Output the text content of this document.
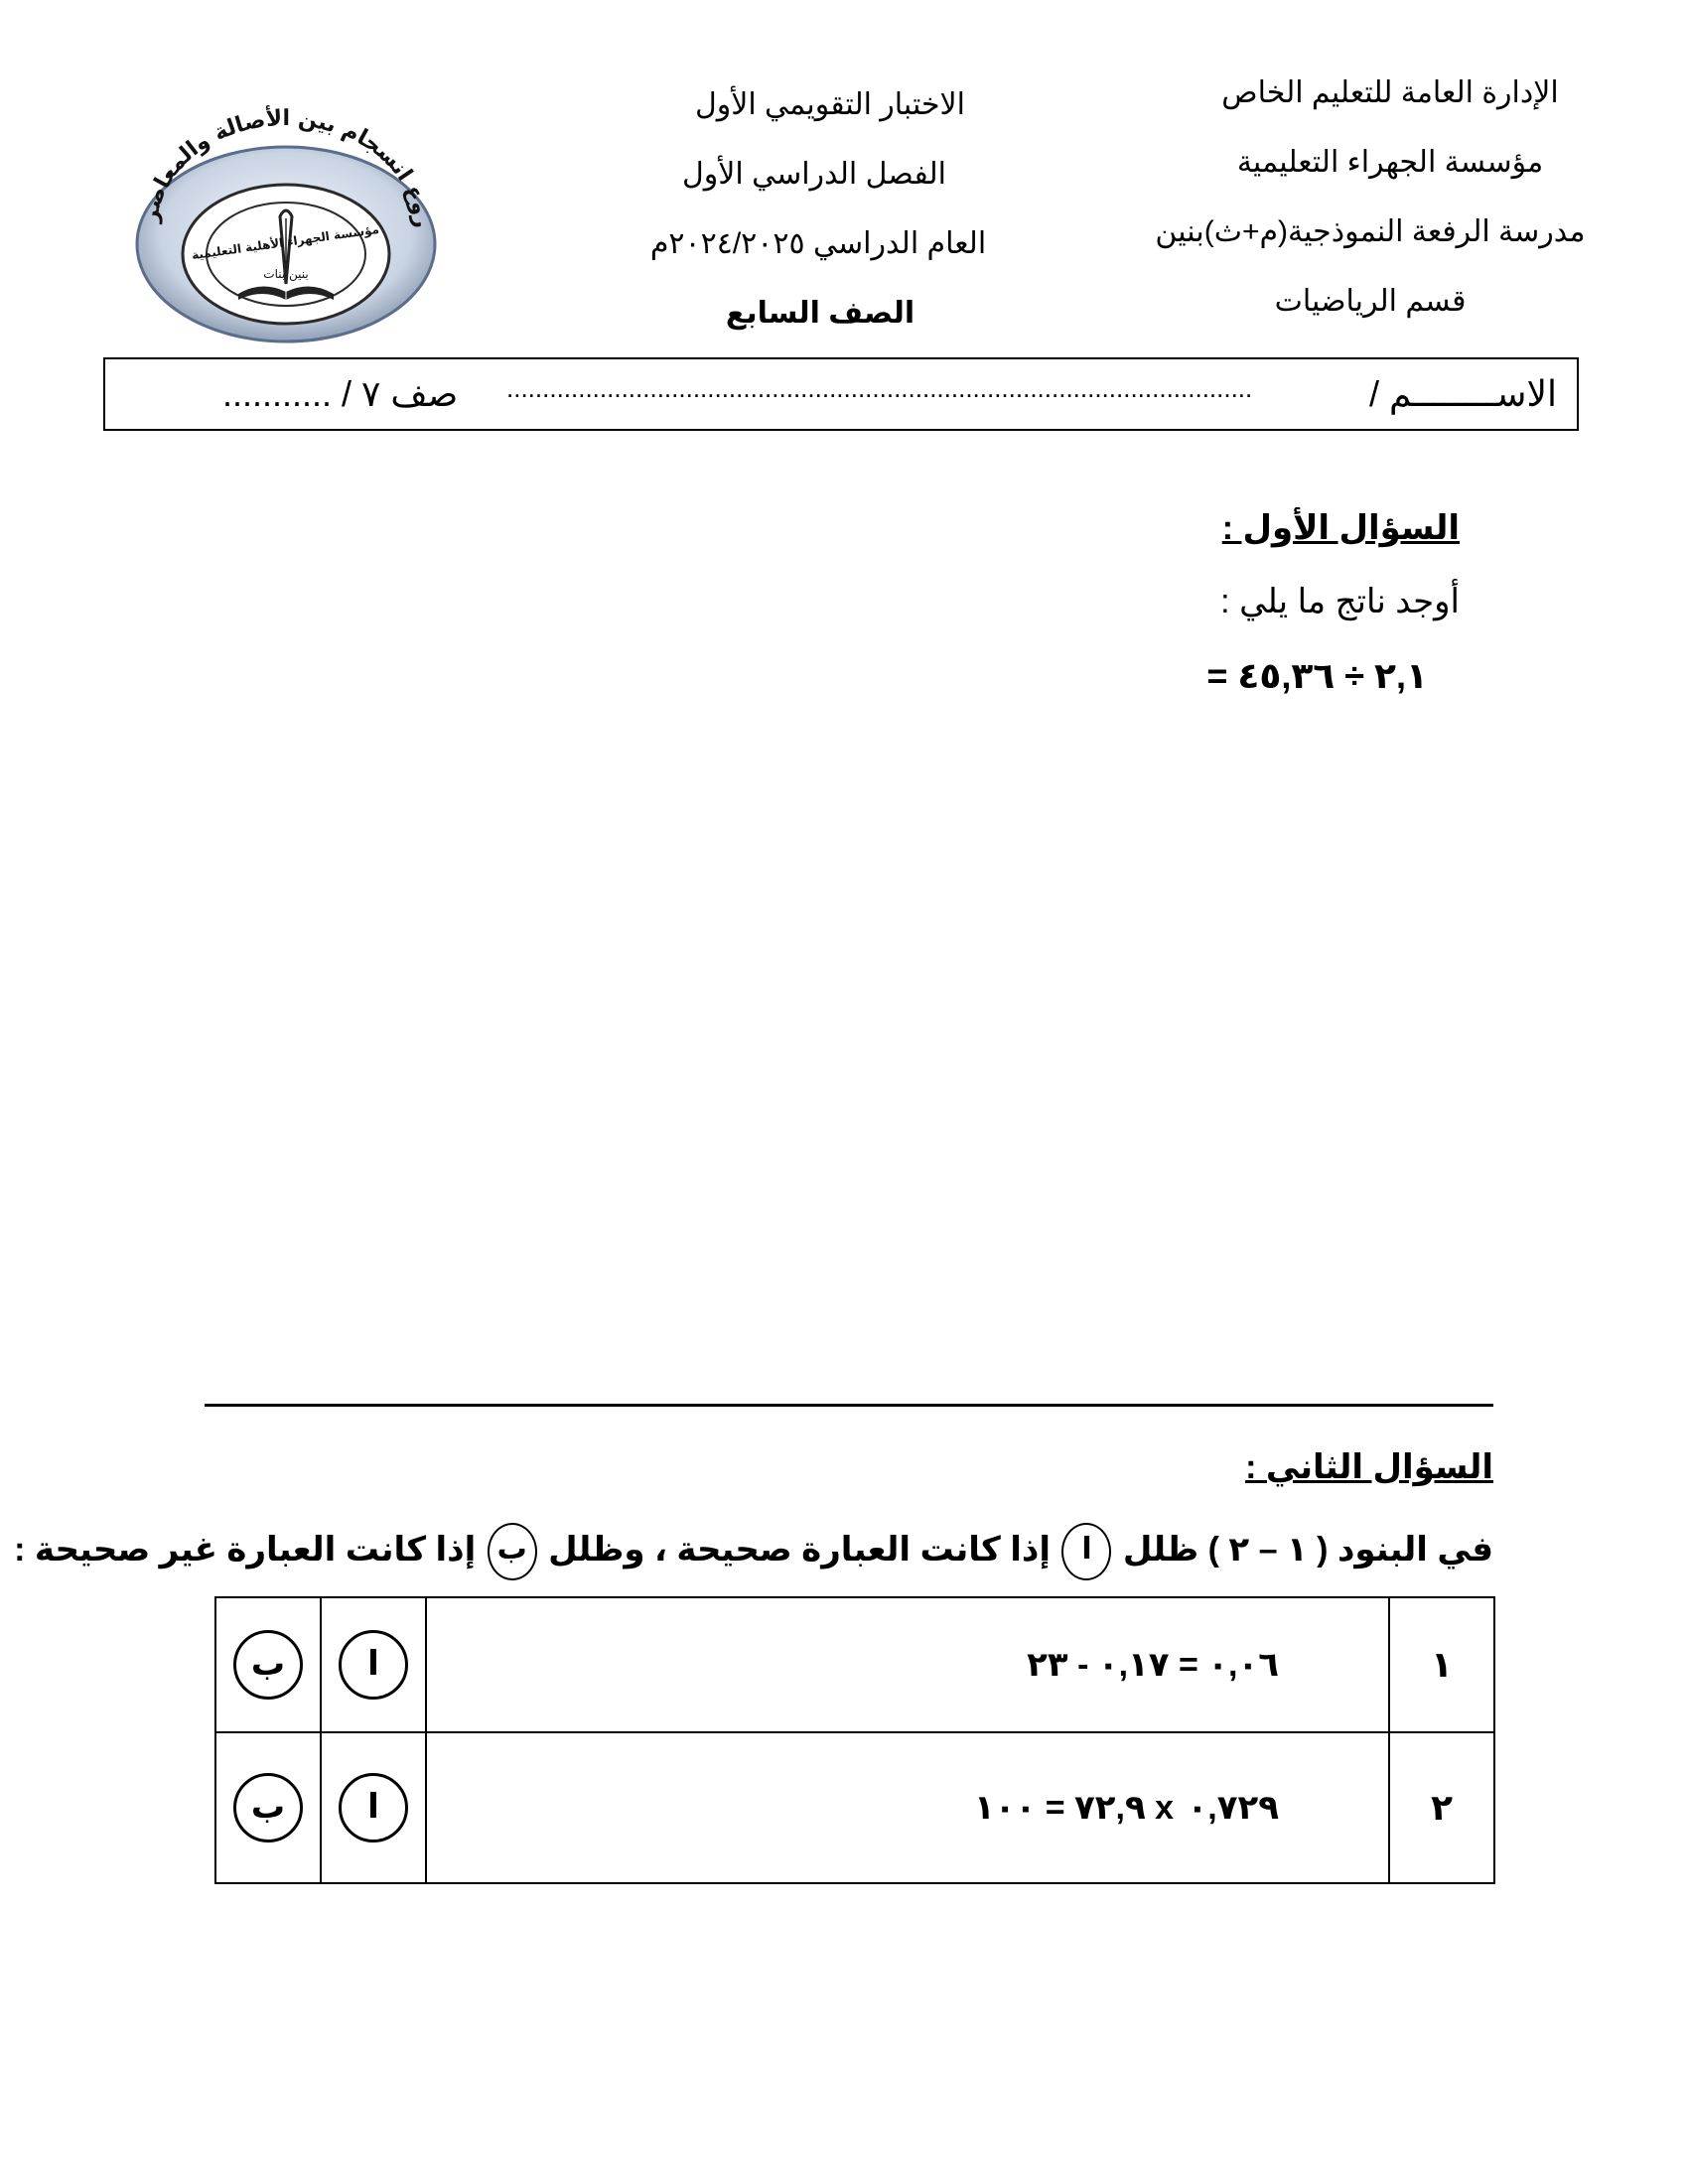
الإدارة العامة للتعليم الخاص
مؤسسة الجهراء التعليمية
مدرسة الرفعة النموذجية(م+ث)بنين
قسم الرياضيات
الاختبار التقويمي الأول
الفصل الدراسي الأول
العام الدراسي ٢٠٢٤/٢٠٢٥م
الصف السابع
روع انسجام بين الأصالة والمعاصر
مؤسسة الجهراء الأهلية التعليمية
بنين بنات
الاســــــــم /
........................................................................................................
صف ٧ / ...........
السؤال الأول :
أوجد ناتج ما يلي :
= ٢,١ ÷ ٤٥,٣٦
السؤال الثاني :
في البنود ( ١ – ٢ ) ظلل ا إذا كانت العبارة صحيحة ، وظلل ب إذا كانت العبارة غير صحيحة :
ب	ا	٠,٠٦ = ٠,١٧ - ٢٣	١
ب	ا	٧٢,٩ = ١٠٠ x ٠,٧٢٩	٢
